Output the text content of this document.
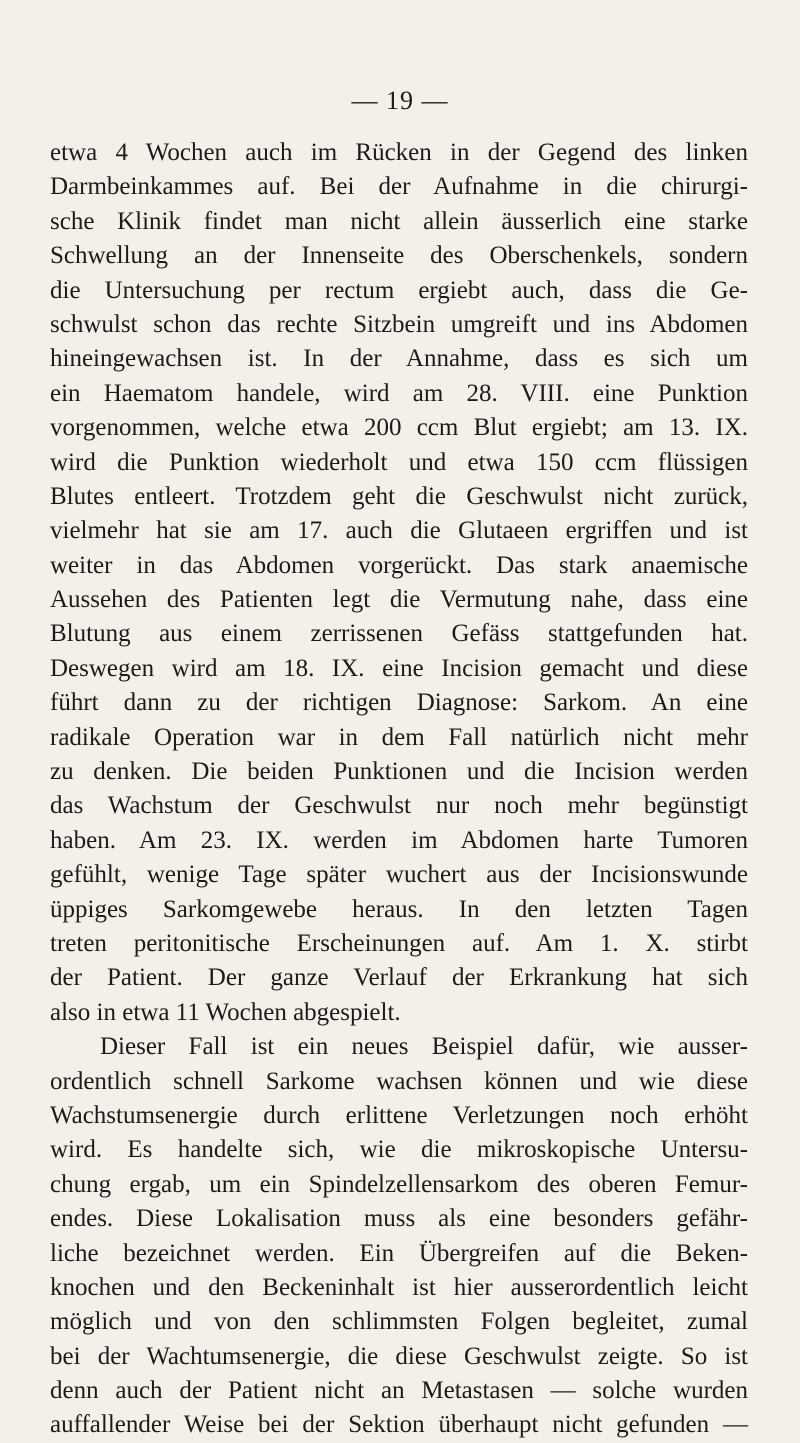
— 19 —
etwa 4 Wochen auch im Rücken in der Gegend des linken
Darmbeinkammes auf. Bei der Aufnahme in die chirurgi-
sche Klinik findet man nicht allein äusserlich eine starke
Schwellung an der Innenseite des Oberschenkels, sondern
die Untersuchung per rectum ergiebt auch, dass die Ge-
schwulst schon das rechte Sitzbein umgreift und ins Abdomen
hineingewachsen ist. In der Annahme, dass es sich um
ein Haematom handele, wird am 28. VIII. eine Punktion
vorgenommen, welche etwa 200 ccm Blut ergiebt; am 13. IX.
wird die Punktion wiederholt und etwa 150 ccm flüssigen
Blutes entleert. Trotzdem geht die Geschwulst nicht zurück,
vielmehr hat sie am 17. auch die Glutaeen ergriffen und ist
weiter in das Abdomen vorgerückt. Das stark anaemische
Aussehen des Patienten legt die Vermutung nahe, dass eine
Blutung aus einem zerrissenen Gefäss stattgefunden hat.
Deswegen wird am 18. IX. eine Incision gemacht und diese
führt dann zu der richtigen Diagnose: Sarkom. An eine
radikale Operation war in dem Fall natürlich nicht mehr
zu denken. Die beiden Punktionen und die Incision werden
das Wachstum der Geschwulst nur noch mehr begünstigt
haben. Am 23. IX. werden im Abdomen harte Tumoren
gefühlt, wenige Tage später wuchert aus der Incisionswunde
üppiges Sarkomgewebe heraus. In den letzten Tagen
treten peritonitische Erscheinungen auf. Am 1. X. stirbt
der Patient. Der ganze Verlauf der Erkrankung hat sich
also in etwa 11 Wochen abgespielt.
Dieser Fall ist ein neues Beispiel dafür, wie ausser-
ordentlich schnell Sarkome wachsen können und wie diese
Wachstumsenergie durch erlittene Verletzungen noch erhöht
wird. Es handelte sich, wie die mikroskopische Untersu-
chung ergab, um ein Spindelzellensarkom des oberen Femur-
endes. Diese Lokalisation muss als eine besonders gefähr-
liche bezeichnet werden. Ein Übergreifen auf die Beken-
knochen und den Beckeninhalt ist hier ausserordentlich leicht
möglich und von den schlimmsten Folgen begleitet, zumal
bei der Wachtumsenergie, die diese Geschwulst zeigte. So ist
denn auch der Patient nicht an Metastasen — solche wurden
auffallender Weise bei der Sektion überhaupt nicht gefunden —
